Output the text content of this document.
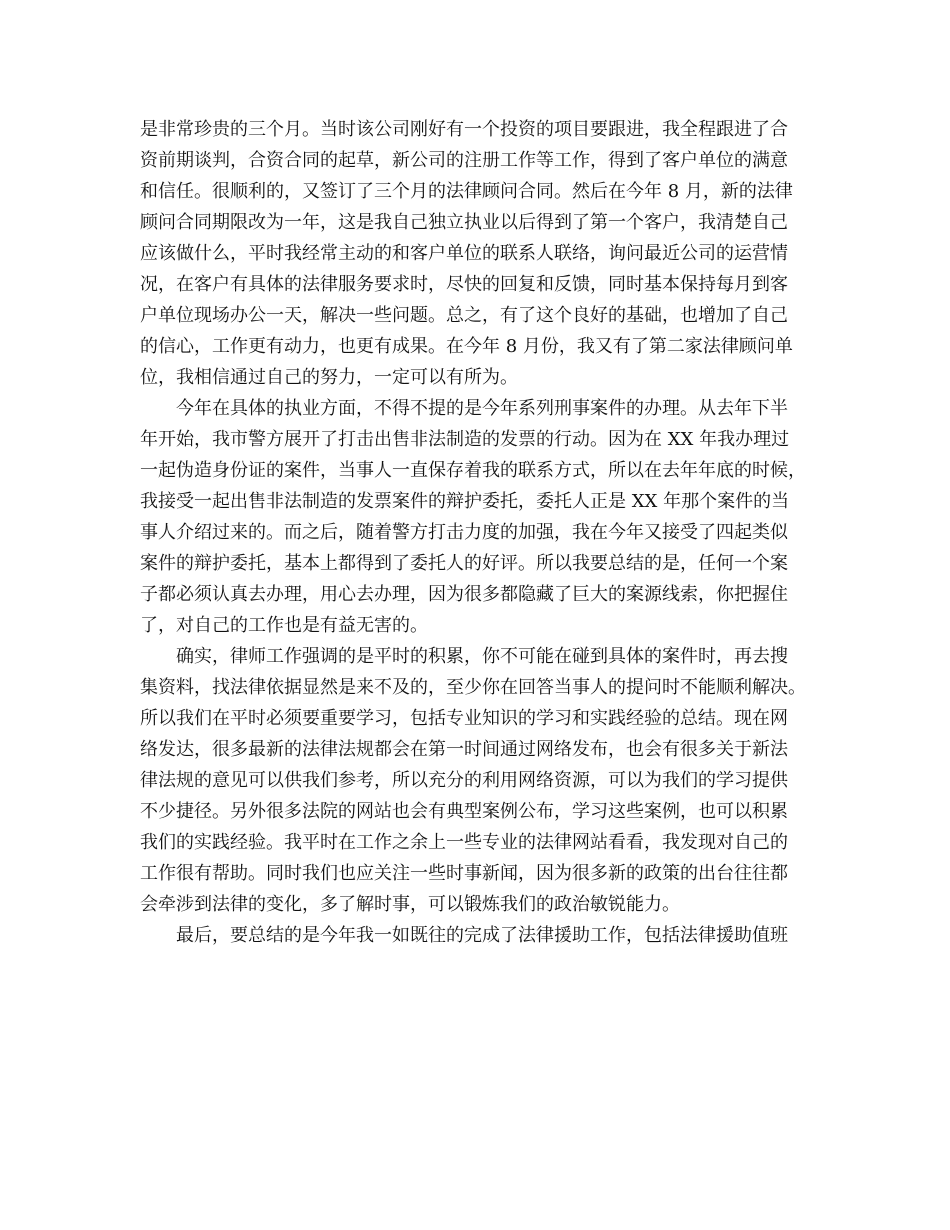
是非常珍贵的三个月。当时该公司刚好有一个投资的项目要跟进，我全程跟进了合
资前期谈判，合资合同的起草，新公司的注册工作等工作，得到了客户单位的满意
和信任。很顺利的，又签订了三个月的法律顾问合同。然后在今年 8 月，新的法律
顾问合同期限改为一年，这是我自己独立执业以后得到了第一个客户，我清楚自己
应该做什么，平时我经常主动的和客户单位的联系人联络，询问最近公司的运营情
况，在客户有具体的法律服务要求时，尽快的回复和反馈，同时基本保持每月到客
户单位现场办公一天，解决一些问题。总之，有了这个良好的基础，也增加了自己
的信心，工作更有动力，也更有成果。在今年 8 月份，我又有了第二家法律顾问单
位，我相信通过自己的努力，一定可以有所为。
今年在具体的执业方面，不得不提的是今年系列刑事案件的办理。从去年下半
年开始，我市警方展开了打击出售非法制造的发票的行动。因为在 XX 年我办理过
一起伪造身份证的案件，当事人一直保存着我的联系方式，所以在去年年底的时候，
我接受一起出售非法制造的发票案件的辩护委托，委托人正是 XX 年那个案件的当
事人介绍过来的。而之后，随着警方打击力度的加强，我在今年又接受了四起类似
案件的辩护委托，基本上都得到了委托人的好评。所以我要总结的是，任何一个案
子都必须认真去办理，用心去办理，因为很多都隐藏了巨大的案源线索，你把握住
了，对自己的工作也是有益无害的。
确实，律师工作强调的是平时的积累，你不可能在碰到具体的案件时，再去搜
集资料，找法律依据显然是来不及的，至少你在回答当事人的提问时不能顺利解决。
所以我们在平时必须要重要学习，包括专业知识的学习和实践经验的总结。现在网
络发达，很多最新的法律法规都会在第一时间通过网络发布，也会有很多关于新法
律法规的意见可以供我们参考，所以充分的利用网络资源，可以为我们的学习提供
不少捷径。另外很多法院的网站也会有典型案例公布，学习这些案例，也可以积累
我们的实践经验。我平时在工作之余上一些专业的法律网站看看，我发现对自己的
工作很有帮助。同时我们也应关注一些时事新闻，因为很多新的政策的出台往往都
会牵涉到法律的变化，多了解时事，可以锻炼我们的政治敏锐能力。
最后，要总结的是今年我一如既往的完成了法律援助工作，包括法律援助值班
